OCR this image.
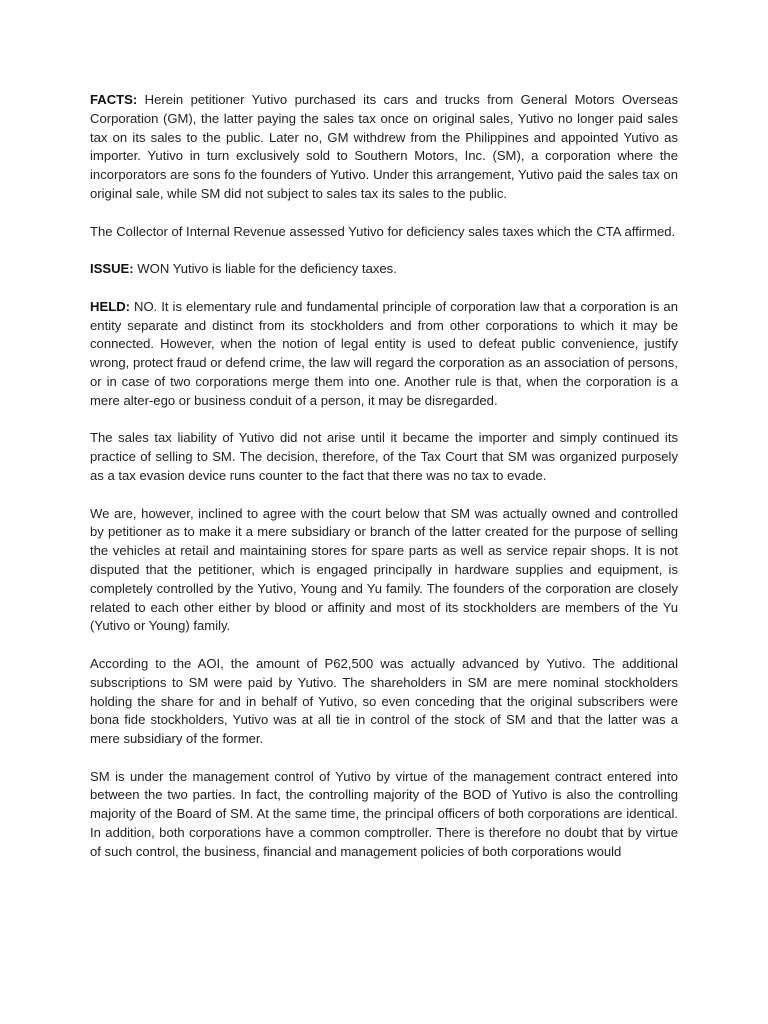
FACTS: Herein petitioner Yutivo purchased its cars and trucks from General Motors Overseas Corporation (GM), the latter paying the sales tax once on original sales, Yutivo no longer paid sales tax on its sales to the public. Later no, GM withdrew from the Philippines and appointed Yutivo as importer. Yutivo in turn exclusively sold to Southern Motors, Inc. (SM), a corporation where the incorporators are sons fo the founders of Yutivo. Under this arrangement, Yutivo paid the sales tax on original sale, while SM did not subject to sales tax its sales to the public.

The Collector of Internal Revenue assessed Yutivo for deficiency sales taxes which the CTA affirmed.

ISSUE: WON Yutivo is liable for the deficiency taxes.

HELD: NO. It is elementary rule and fundamental principle of corporation law that a corporation is an entity separate and distinct from its stockholders and from other corporations to which it may be connected. However, when the notion of legal entity is used to defeat public convenience, justify wrong, protect fraud or defend crime, the law will regard the corporation as an association of persons, or in case of two corporations merge them into one. Another rule is that, when the corporation is a mere alter-ego or business conduit of a person, it may be disregarded.

The sales tax liability of Yutivo did not arise until it became the importer and simply continued its practice of selling to SM. The decision, therefore, of the Tax Court that SM was organized purposely as a tax evasion device runs counter to the fact that there was no tax to evade.

We are, however, inclined to agree with the court below that SM was actually owned and controlled by petitioner as to make it a mere subsidiary or branch of the latter created for the purpose of selling the vehicles at retail and maintaining stores for spare parts as well as service repair shops. It is not disputed that the petitioner, which is engaged principally in hardware supplies and equipment, is completely controlled by the Yutivo, Young and Yu family. The founders of the corporation are closely related to each other either by blood or affinity and most of its stockholders are members of the Yu (Yutivo or Young) family.

According to the AOI, the amount of P62,500 was actually advanced by Yutivo. The additional subscriptions to SM were paid by Yutivo. The shareholders in SM are mere nominal stockholders holding the share for and in behalf of Yutivo, so even conceding that the original subscribers were bona fide stockholders, Yutivo was at all tie in control of the stock of SM and that the latter was a mere subsidiary of the former.

SM is under the management control of Yutivo by virtue of the management contract entered into between the two parties. In fact, the controlling majority of the BOD of Yutivo is also the controlling majority of the Board of SM. At the same time, the principal officers of both corporations are identical. In addition, both corporations have a common comptroller. There is therefore no doubt that by virtue of such control, the business, financial and management policies of both corporations would
